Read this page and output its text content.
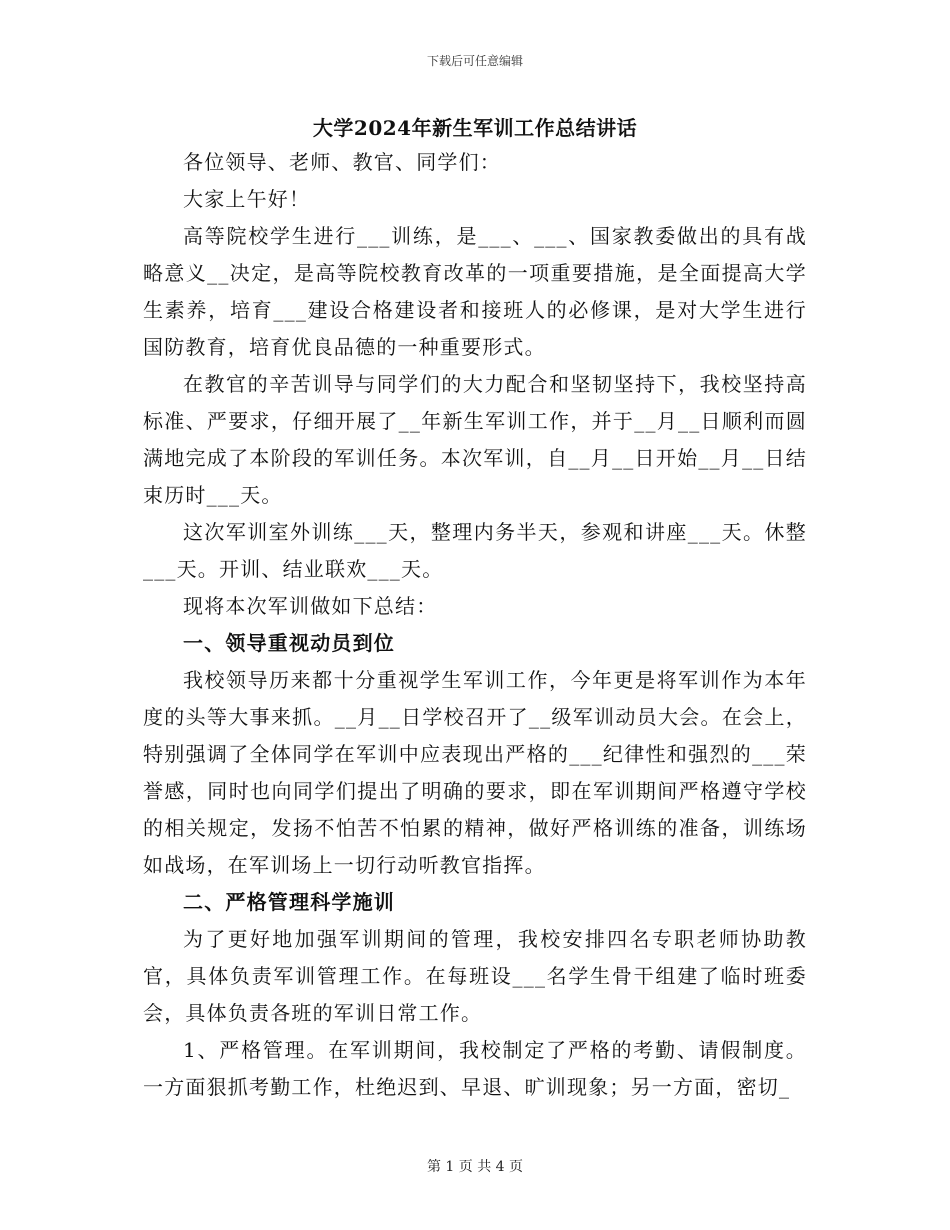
下载后可任意编辑
大学2024年新生军训工作总结讲话

各位领导、老师、教官、同学们：

大家上午好！

高等院校学生进行___训练，是___、___、国家教委做出的具有战略意义__决定，是高等院校教育改革的一项重要措施，是全面提高大学生素养，培育___建设合格建设者和接班人的必修课，是对大学生进行国防教育，培育优良品德的一种重要形式。

在教官的辛苦训导与同学们的大力配合和坚韧坚持下，我校坚持高标准、严要求，仔细开展了__年新生军训工作，并于__月__日顺利而圆满地完成了本阶段的军训任务。本次军训，自__月__日开始__月__日结束历时___天。

这次军训室外训练___天，整理内务半天，参观和讲座___天。休整___天。开训、结业联欢___天。

现将本次军训做如下总结：

一、领导重视动员到位

我校领导历来都十分重视学生军训工作，今年更是将军训作为本年度的头等大事来抓。__月__日学校召开了__级军训动员大会。在会上，特别强调了全体同学在军训中应表现出严格的___纪律性和强烈的___荣誉感，同时也向同学们提出了明确的要求，即在军训期间严格遵守学校的相关规定，发扬不怕苦不怕累的精神，做好严格训练的准备，训练场如战场，在军训场上一切行动听教官指挥。

二、严格管理科学施训

为了更好地加强军训期间的管理，我校安排四名专职老师协助教官，具体负责军训管理工作。在每班设___名学生骨干组建了临时班委会，具体负责各班的军训日常工作。

1、严格管理。在军训期间，我校制定了严格的考勤、请假制度。一方面狠抓考勤工作，杜绝迟到、早退、旷训现象；另一方面，密切_

第 1 页 共 4 页
